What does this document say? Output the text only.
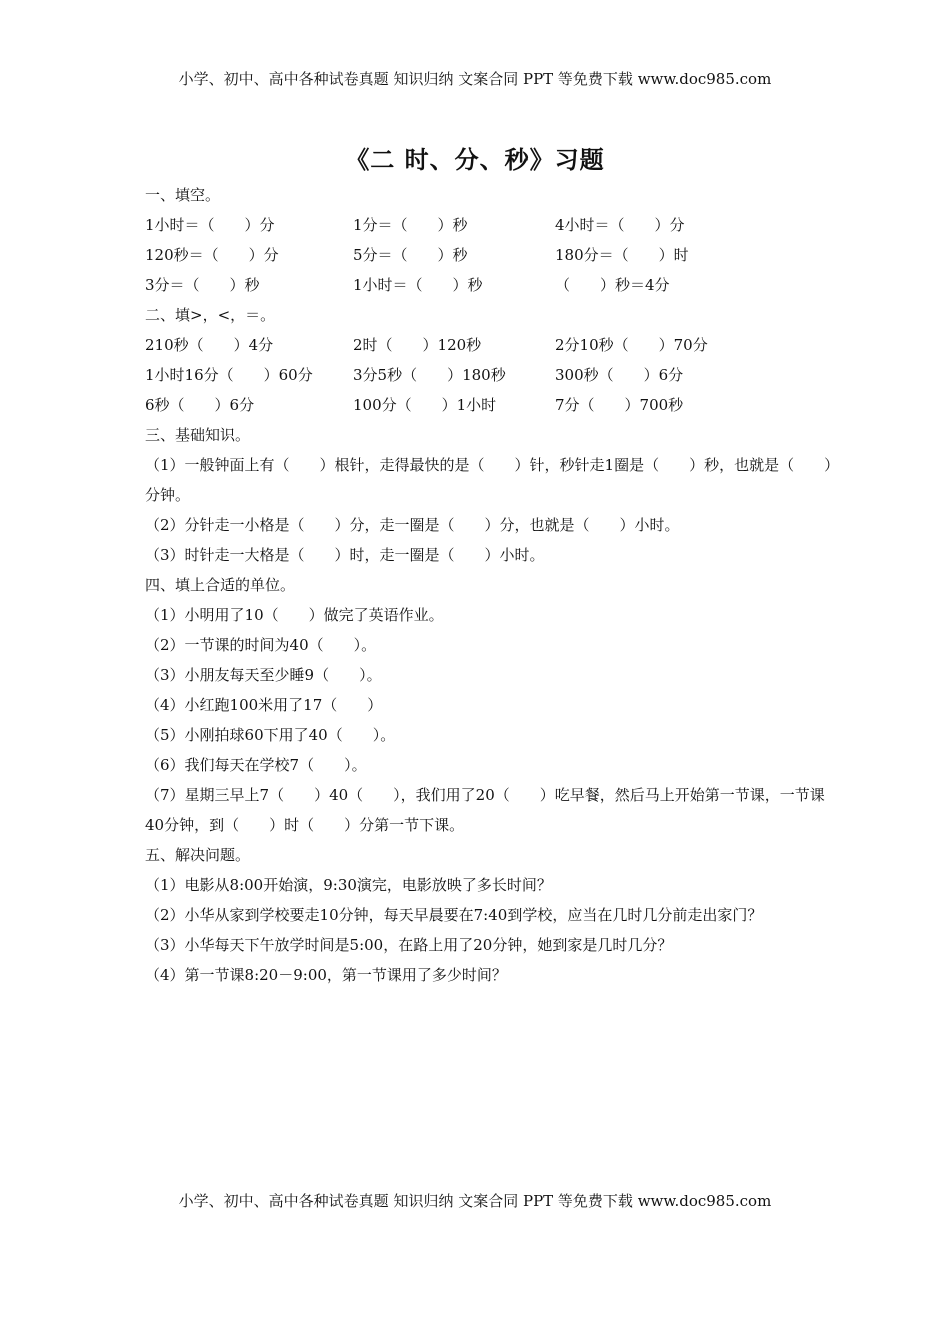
小学、初中、高中各种试卷真题 知识归纳 文案合同 PPT 等免费下载 www.doc985.com
《二 时、分、秒》习题
一、填空。
1小时＝（　　）分	1分＝（　　）秒	4小时＝（　　）分
120秒＝（　　）分	5分＝（　　）秒	180分＝（　　）时
3分＝（　　）秒	1小时＝（　　）秒	（　　）秒＝4分
二、填>，<，＝。
210秒（　　）4分	2时（　　）120秒	2分10秒（　　）70分
1小时16分（　　）60分	3分5秒（　　）180秒	300秒（　　）6分
6秒（　　）6分	100分（　　）1小时	7分（　　）700秒
三、基础知识。
（1）一般钟面上有（　　）根针，走得最快的是（　　）针，秒针走1圈是（　　）秒，也就是（　　）分钟。
（2）分针走一小格是（　　）分，走一圈是（　　）分，也就是（　　）小时。
（3）时针走一大格是（　　）时，走一圈是（　　）小时。
四、填上合适的单位。
（1）小明用了10（　　）做完了英语作业。
（2）一节课的时间为40（　　）。
（3）小朋友每天至少睡9（　　）。
（4）小红跑100米用了17（　　）
（5）小刚拍球60下用了40（　　）。
（6）我们每天在学校7（　　）。
（7）星期三早上7（　　）40（　　），我们用了20（　　）吃早餐，然后马上开始第一节课，一节课40分钟，到（　　）时（　　）分第一节下课。
五、解决问题。
（1）电影从8:00开始演，9:30演完，电影放映了多长时间？
（2）小华从家到学校要走10分钟，每天早晨要在7:40到学校，应当在几时几分前走出家门？
（3）小华每天下午放学时间是5:00，在路上用了20分钟，她到家是几时几分？
（4）第一节课8:20－9:00，第一节课用了多少时间？
小学、初中、高中各种试卷真题 知识归纳 文案合同 PPT 等免费下载 www.doc985.com
